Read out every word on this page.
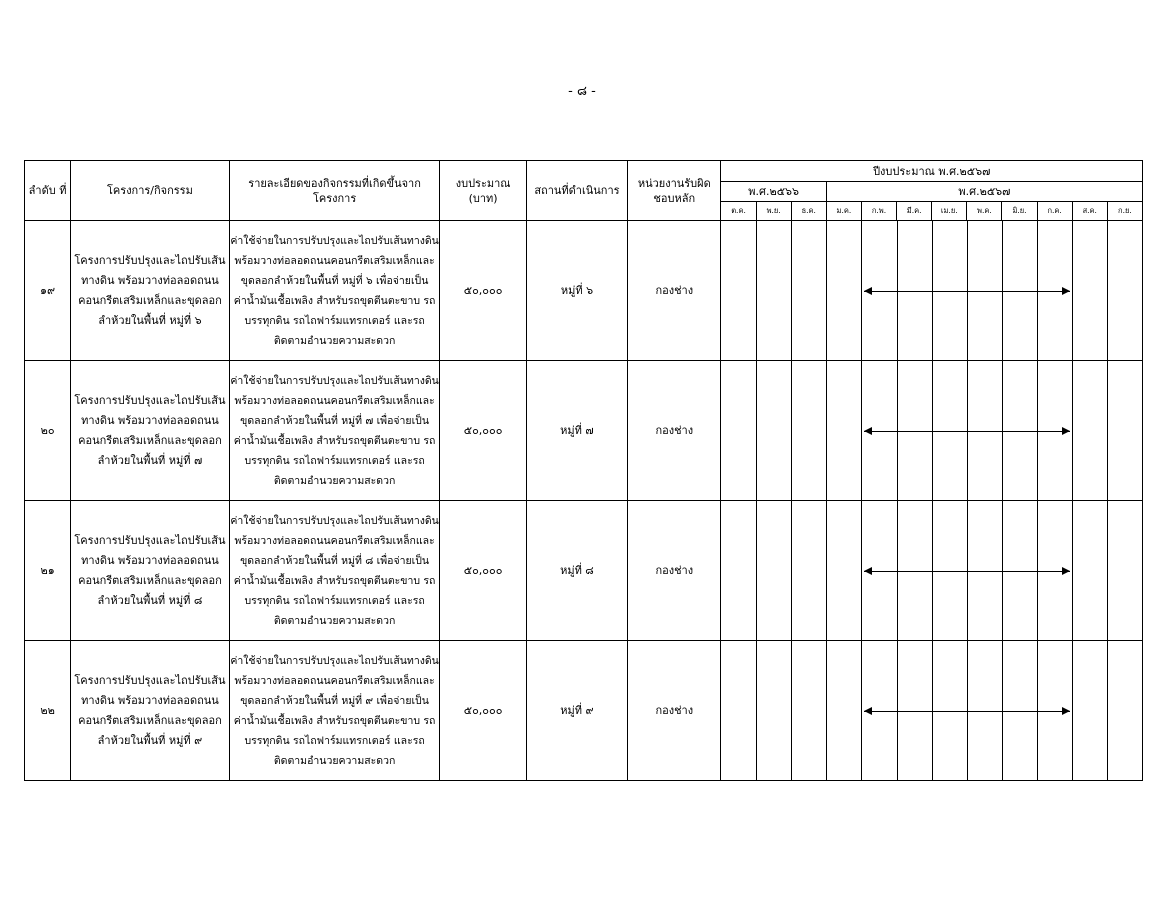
- ๘ -
ลำดับ ที่	โครงการ/กิจกรรม	รายละเอียดของกิจกรรมที่เกิดขึ้นจากโครงการ	งบประมาณ (บาท)	สถานที่ดำเนินการ	หน่วยงานรับผิดชอบหลัก	ปีงบประมาณ พ.ศ.๒๕๖๗											
						พ.ศ.๒๕๖๖			พ.ศ.๒๕๖๗								
						ต.ค.	พ.ย.	ธ.ค.	ม.ค.	ก.พ.	มี.ค.	เม.ย.	พ.ค.	มิ.ย.	ก.ค.	ส.ค.	ก.ย.
๑๙	โครงการปรับปรุงและไถปรับเส้นทางดิน พร้อมวางท่อลอดถนนคอนกรีตเสริมเหล็กและขุดลอกลำห้วยในพื้นที่ หมู่ที่ ๖	ค่าใช้จ่ายในการปรับปรุงและไถปรับเส้นทางดิน พร้อมวางท่อลอดถนนคอนกรีตเสริมเหล็กและขุดลอกลำห้วยในพื้นที่ หมู่ที่ ๖ เพื่อจ่ายเป็นค่าน้ำมันเชื้อเพลิง สำหรับรถขุดตีนตะขาบ รถบรรทุกดิน รถไถฟาร์มแทรกเตอร์ และรถติดตามอำนวยความสะดวก	๕๐,๐๐๐	หมู่ที่ ๖	กองช่าง										

๒๐	โครงการปรับปรุงและไถปรับเส้นทางดิน พร้อมวางท่อลอดถนนคอนกรีตเสริมเหล็กและขุดลอกลำห้วยในพื้นที่ หมู่ที่ ๗	ค่าใช้จ่ายในการปรับปรุงและไถปรับเส้นทางดิน พร้อมวางท่อลอดถนนคอนกรีตเสริมเหล็กและขุดลอกลำห้วยในพื้นที่ หมู่ที่ ๗ เพื่อจ่ายเป็นค่าน้ำมันเชื้อเพลิง สำหรับรถขุดตีนตะขาบ รถบรรทุกดิน รถไถฟาร์มแทรกเตอร์ และรถติดตามอำนวยความสะดวก	๕๐,๐๐๐	หมู่ที่ ๗	กองช่าง										

๒๑	โครงการปรับปรุงและไถปรับเส้นทางดิน พร้อมวางท่อลอดถนนคอนกรีตเสริมเหล็กและขุดลอกลำห้วยในพื้นที่ หมู่ที่ ๘	ค่าใช้จ่ายในการปรับปรุงและไถปรับเส้นทางดิน พร้อมวางท่อลอดถนนคอนกรีตเสริมเหล็กและขุดลอกลำห้วยในพื้นที่ หมู่ที่ ๘ เพื่อจ่ายเป็นค่าน้ำมันเชื้อเพลิง สำหรับรถขุดตีนตะขาบ รถบรรทุกดิน รถไถฟาร์มแทรกเตอร์ และรถติดตามอำนวยความสะดวก	๕๐,๐๐๐	หมู่ที่ ๘	กองช่าง										

๒๒	โครงการปรับปรุงและไถปรับเส้นทางดิน พร้อมวางท่อลอดถนนคอนกรีตเสริมเหล็กและขุดลอกลำห้วยในพื้นที่ หมู่ที่ ๙	ค่าใช้จ่ายในการปรับปรุงและไถปรับเส้นทางดิน พร้อมวางท่อลอดถนนคอนกรีตเสริมเหล็กและขุดลอกลำห้วยในพื้นที่ หมู่ที่ ๙ เพื่อจ่ายเป็นค่าน้ำมันเชื้อเพลิง สำหรับรถขุดตีนตะขาบ รถบรรทุกดิน รถไถฟาร์มแทรกเตอร์ และรถติดตามอำนวยความสะดวก	๕๐,๐๐๐	หมู่ที่ ๙	กองช่าง										
